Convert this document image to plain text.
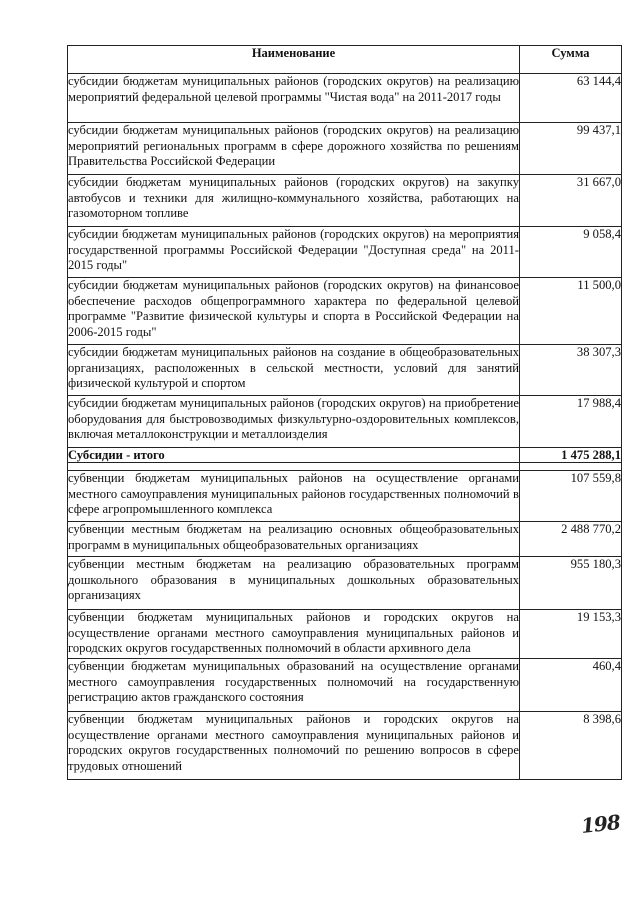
Наименование	Сумма
субсидии бюджетам муниципальных районов (городских округов) на реализацию мероприятий федеральной целевой программы "Чистая вода" на 2011-2017 годы	63 144,4
субсидии бюджетам муниципальных районов (городских округов) на реализацию мероприятий региональных программ в сфере дорожного хозяйства по решениям Правительства Российской Федерации	99 437,1
субсидии бюджетам муниципальных районов (городских округов) на закупку автобусов и техники для жилищно-коммунального хозяйства, работающих на газомоторном топливе	31 667,0
субсидии бюджетам муниципальных районов (городских округов) на мероприятия государственной программы Российской Федерации "Доступная среда" на 2011-2015 годы"	9 058,4
субсидии бюджетам муниципальных районов (городских округов) на финансовое обеспечение расходов общепрограммного характера по федеральной целевой программе "Развитие физической культуры и спорта в Российской Федерации на 2006-2015 годы"	11 500,0
субсидии бюджетам муниципальных районов на создание в общеобразовательных организациях, расположенных в сельской местности, условий для занятий физической культурой и спортом	38 307,3
субсидии бюджетам муниципальных районов (городских округов) на приобретение оборудования для быстровозводимых физкультурно-оздоровительных комплексов, включая металлоконструкции и металлоизделия	17 988,4
Субсидии - итого	1 475 288,1

субвенции бюджетам муниципальных районов на осуществление органами местного самоуправления муниципальных районов государственных полномочий в сфере агропромышленного комплекса	107 559,8
субвенции местным бюджетам на реализацию основных общеобразовательных программ в муниципальных общеобразовательных организациях	2 488 770,2
субвенции местным бюджетам на реализацию образовательных программ дошкольного образования в муниципальных дошкольных образовательных организациях	955 180,3
субвенции бюджетам муниципальных районов и городских округов на осуществление органами местного самоуправления муниципальных районов и городских округов государственных полномочий в области архивного дела	19 153,3
субвенции бюджетам муниципальных образований на осуществление органами местного самоуправления государственных полномочий на государственную регистрацию актов гражданского состояния	460,4
субвенции бюджетам муниципальных районов и городских округов на осуществление органами местного самоуправления муниципальных районов и городских округов государственных полномочий по решению вопросов в сфере трудовых отношений	8 398,6
198
